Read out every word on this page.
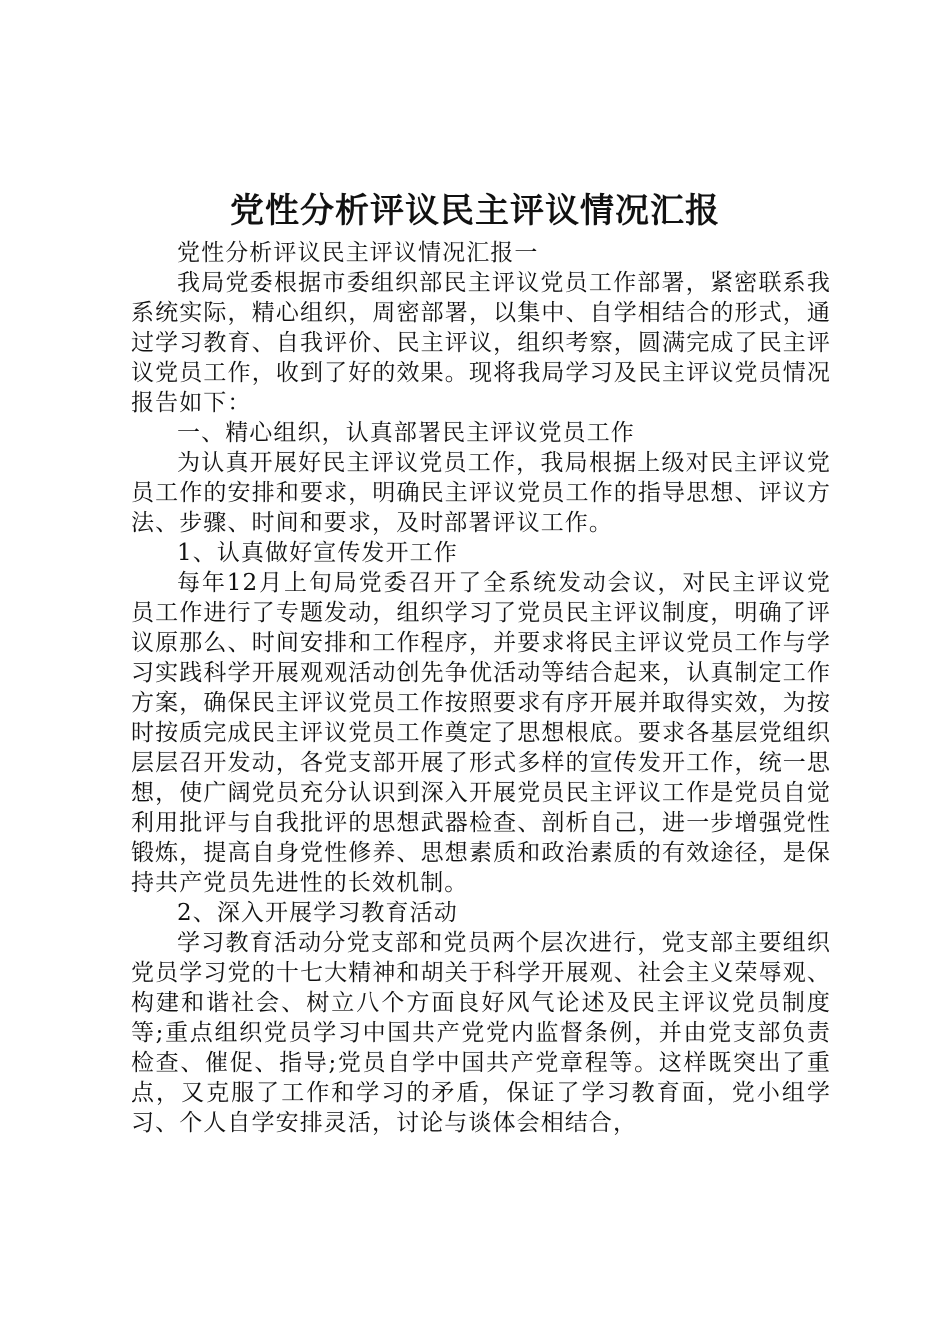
党性分析评议民主评议情况汇报

党性分析评议民主评议情况汇报一

我局党委根据市委组织部民主评议党员工作部署，紧密联系我系统实际，精心组织，周密部署，以集中、自学相结合的形式，通过学习教育、自我评价、民主评议，组织考察，圆满完成了民主评议党员工作，收到了好的效果。现将我局学习及民主评议党员情况报告如下：

一、精心组织，认真部署民主评议党员工作

为认真开展好民主评议党员工作，我局根据上级对民主评议党员工作的安排和要求，明确民主评议党员工作的指导思想、评议方法、步骤、时间和要求，及时部署评议工作。

1、认真做好宣传发开工作

每年12月上旬局党委召开了全系统发动会议，对民主评议党员工作进行了专题发动，组织学习了党员民主评议制度，明确了评议原那么、时间安排和工作程序，并要求将民主评议党员工作与学习实践科学开展观观活动创先争优活动等结合起来，认真制定工作方案，确保民主评议党员工作按照要求有序开展并取得实效，为按时按质完成民主评议党员工作奠定了思想根底。要求各基层党组织层层召开发动，各党支部开展了形式多样的宣传发开工作，统一思想，使广阔党员充分认识到深入开展党员民主评议工作是党员自觉利用批评与自我批评的思想武器检查、剖析自己，进一步增强党性锻炼，提高自身党性修养、思想素质和政治素质的有效途径，是保持共产党员先进性的长效机制。

2、深入开展学习教育活动

学习教育活动分党支部和党员两个层次进行，党支部主要组织党员学习党的十七大精神和胡关于科学开展观、社会主义荣辱观、构建和谐社会、树立八个方面良好风气论述及民主评议党员制度等;重点组织党员学习中国共产党党内监督条例，并由党支部负责检查、催促、指导;党员自学中国共产党章程等。这样既突出了重点，又克服了工作和学习的矛盾，保证了学习教育面，党小组学习、个人自学安排灵活，讨论与谈体会相结合，
